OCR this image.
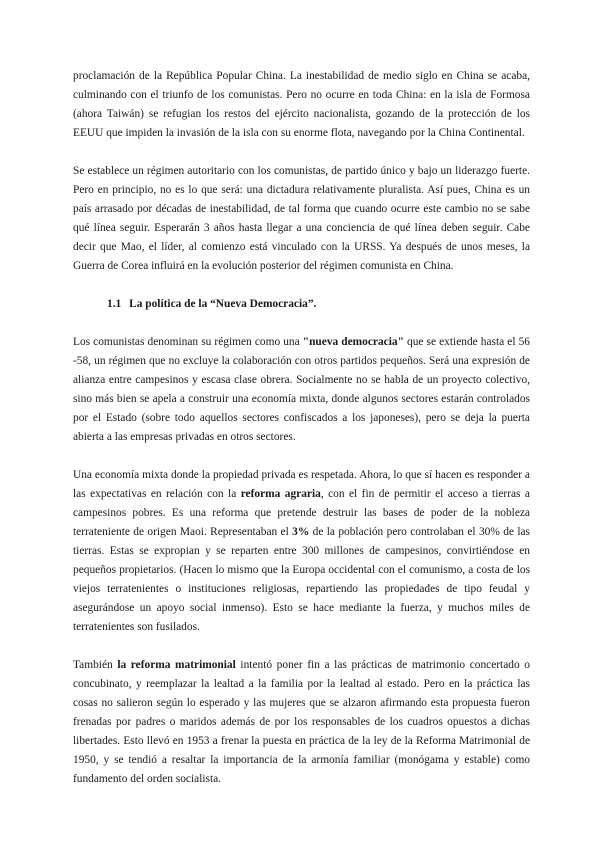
proclamación de la República Popular China. La inestabilidad de medio siglo en China se acaba, culminando con el triunfo de los comunistas. Pero no ocurre en toda China: en la isla de Formosa (ahora Taiwán) se refugian los restos del ejército nacionalista, gozando de la protección de los EEUU que impiden la invasión de la isla con su enorme flota, navegando por la China Continental.

Se establece un régimen autoritario con los comunistas, de partido único y bajo un liderazgo fuerte. Pero en principio, no es lo que será: una dictadura relativamente pluralista. Así pues, China es un país arrasado por décadas de inestabilidad, de tal forma que cuando ocurre este cambio no se sabe qué línea seguir. Esperarán 3 años hasta llegar a una conciencia de qué línea deben seguir. Cabe decir que Mao, el líder, al comienzo está vinculado con la URSS. Ya después de unos meses, la Guerra de Corea influirá en la evolución posterior del régimen comunista en China.

1.1 La política de la “Nueva Democracia”.

Los comunistas denominan su régimen como una "nueva democracia" que se extiende hasta el 56 -58, un régimen que no excluye la colaboración con otros partidos pequeños. Será una expresión de alianza entre campesinos y escasa clase obrera. Socialmente no se habla de un proyecto colectivo, sino más bien se apela a construir una economía mixta, donde algunos sectores estarán controlados por el Estado (sobre todo aquellos sectores confiscados a los japoneses), pero se deja la puerta abierta a las empresas privadas en otros sectores.

Una economía mixta donde la propiedad privada es respetada. Ahora, lo que sí hacen es responder a las expectativas en relación con la reforma agraria, con el fin de permitir el acceso a tierras a campesinos pobres. Es una reforma que pretende destruir las bases de poder de la nobleza terrateniente de origen Maoi. Representaban el 3% de la población pero controlaban el 30% de las tierras. Estas se expropian y se reparten entre 300 millones de campesinos, convirtiéndose en pequeños propietarios. (Hacen lo mismo que la Europa occidental con el comunismo, a costa de los viejos terratenientes o instituciones religiosas, repartiendo las propiedades de tipo feudal y asegurándose un apoyo social inmenso). Esto se hace mediante la fuerza, y muchos miles de terratenientes son fusilados.

También la reforma matrimonial intentó poner fin a las prácticas de matrimonio concertado o concubinato, y reemplazar la lealtad a la familia por la lealtad al estado. Pero en la práctica las cosas no salieron según lo esperado y las mujeres que se alzaron afirmando esta propuesta fueron frenadas por padres o maridos además de por los responsables de los cuadros opuestos a dichas libertades. Esto llevó en 1953 a frenar la puesta en práctica de la ley de la Reforma Matrimonial de 1950, y se tendió a resaltar la importancia de la armonía familiar (monógama y estable) como fundamento del orden socialista.
